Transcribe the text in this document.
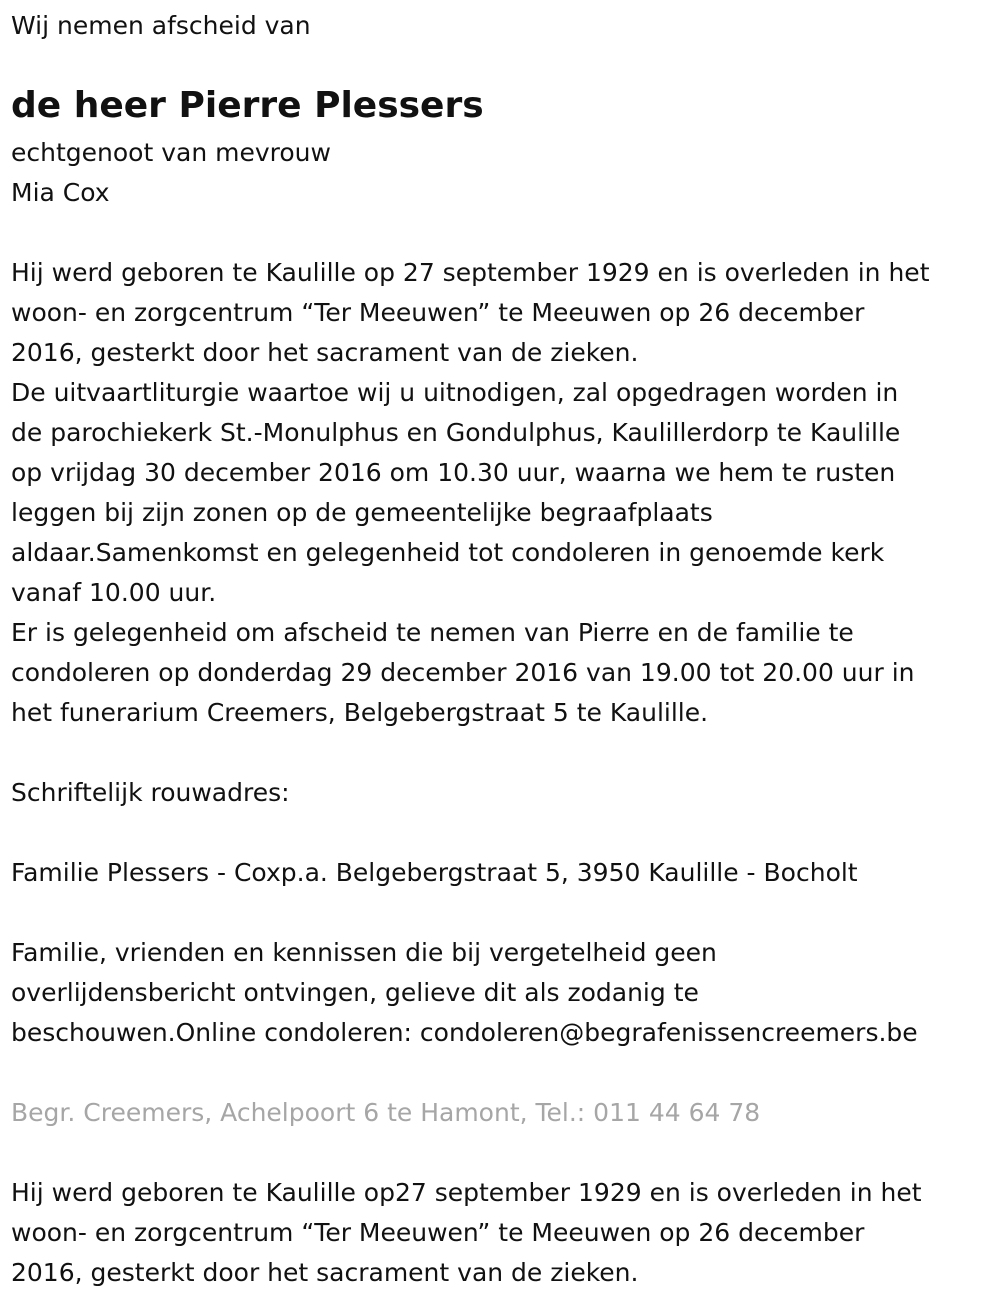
Wij nemen afscheid van

de heer Pierre Plessers

echtgenoot van mevrouw
Mia Cox

Hij werd geboren te Kaulille op 27 september 1929 en is overleden in het
woon- en zorgcentrum “Ter Meeuwen” te Meeuwen op 26 december
2016, gesterkt door het sacrament van de zieken.
De uitvaartliturgie waartoe wij u uitnodigen, zal opgedragen worden in
de parochiekerk St.-Monulphus en Gondulphus, Kaulillerdorp te Kaulille
op vrijdag 30 december 2016 om 10.30 uur, waarna we hem te rusten
leggen bij zijn zonen op de gemeentelijke begraafplaats
aldaar.Samenkomst en gelegenheid tot condoleren in genoemde kerk
vanaf 10.00 uur.
Er is gelegenheid om afscheid te nemen van Pierre en de familie te
condoleren op donderdag 29 december 2016 van 19.00 tot 20.00 uur in
het funerarium Creemers, Belgebergstraat 5 te Kaulille.

Schriftelijk rouwadres:

Familie Plessers - Coxp.a. Belgebergstraat 5, 3950 Kaulille - Bocholt

Familie, vrienden en kennissen die bij vergetelheid geen
overlijdensbericht ontvingen, gelieve dit als zodanig te
beschouwen.Online condoleren: condoleren@begrafenissencreemers.be

Begr. Creemers, Achelpoort 6 te Hamont, Tel.: 011 44 64 78

Hij werd geboren te Kaulille op27 september 1929 en is overleden in het
woon- en zorgcentrum “Ter Meeuwen” te Meeuwen op 26 december
2016, gesterkt door het sacrament van de zieken.
